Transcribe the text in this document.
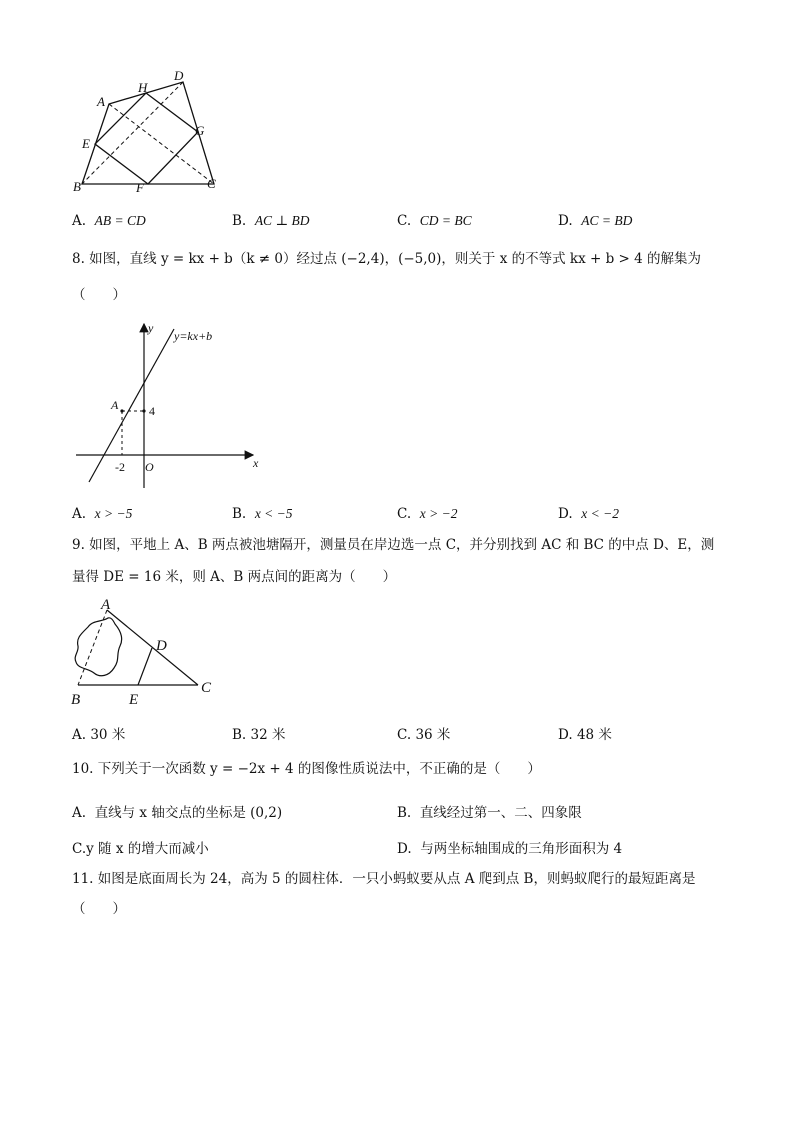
A
H
D
E
G
B	F	C
A. AB = CD	B. AC ⊥ BD	C. CD = BC	D. AC = BD
8. 如图，直线 y = kx + b（k ≠ 0）经过点 (−2,4)，(−5,0)，则关于 x 的不等式 kx + b > 4 的解集为
（　　）
y=kx+b
y
x
A	4
-2 O
A. x > −5	B. x < −5	C. x > −2	D. x < −2
9. 如图，平地上 A、B 两点被池塘隔开，测量员在岸边选一点 C，并分别找到 AC 和 BC 的中点 D、E，测
量得 DE = 16 米，则 A、B 两点间的距离为（　　）
A
D
B	E
C
A. 30 米	B. 32 米	C. 36 米	D. 48 米
10. 下列关于一次函数 y = −2x + 4 的图像性质说法中，不正确的是（　　）
A. 直线与 x 轴交点的坐标是 (0,2)	B. 直线经过第一、二、四象限
C.y 随 x 的增大而减小	D. 与两坐标轴围成的三角形面积为 4
11. 如图是底面周长为 24，高为 5 的圆柱体．一只小蚂蚁要从点 A 爬到点 B，则蚂蚁爬行的最短距离是
（　　）
